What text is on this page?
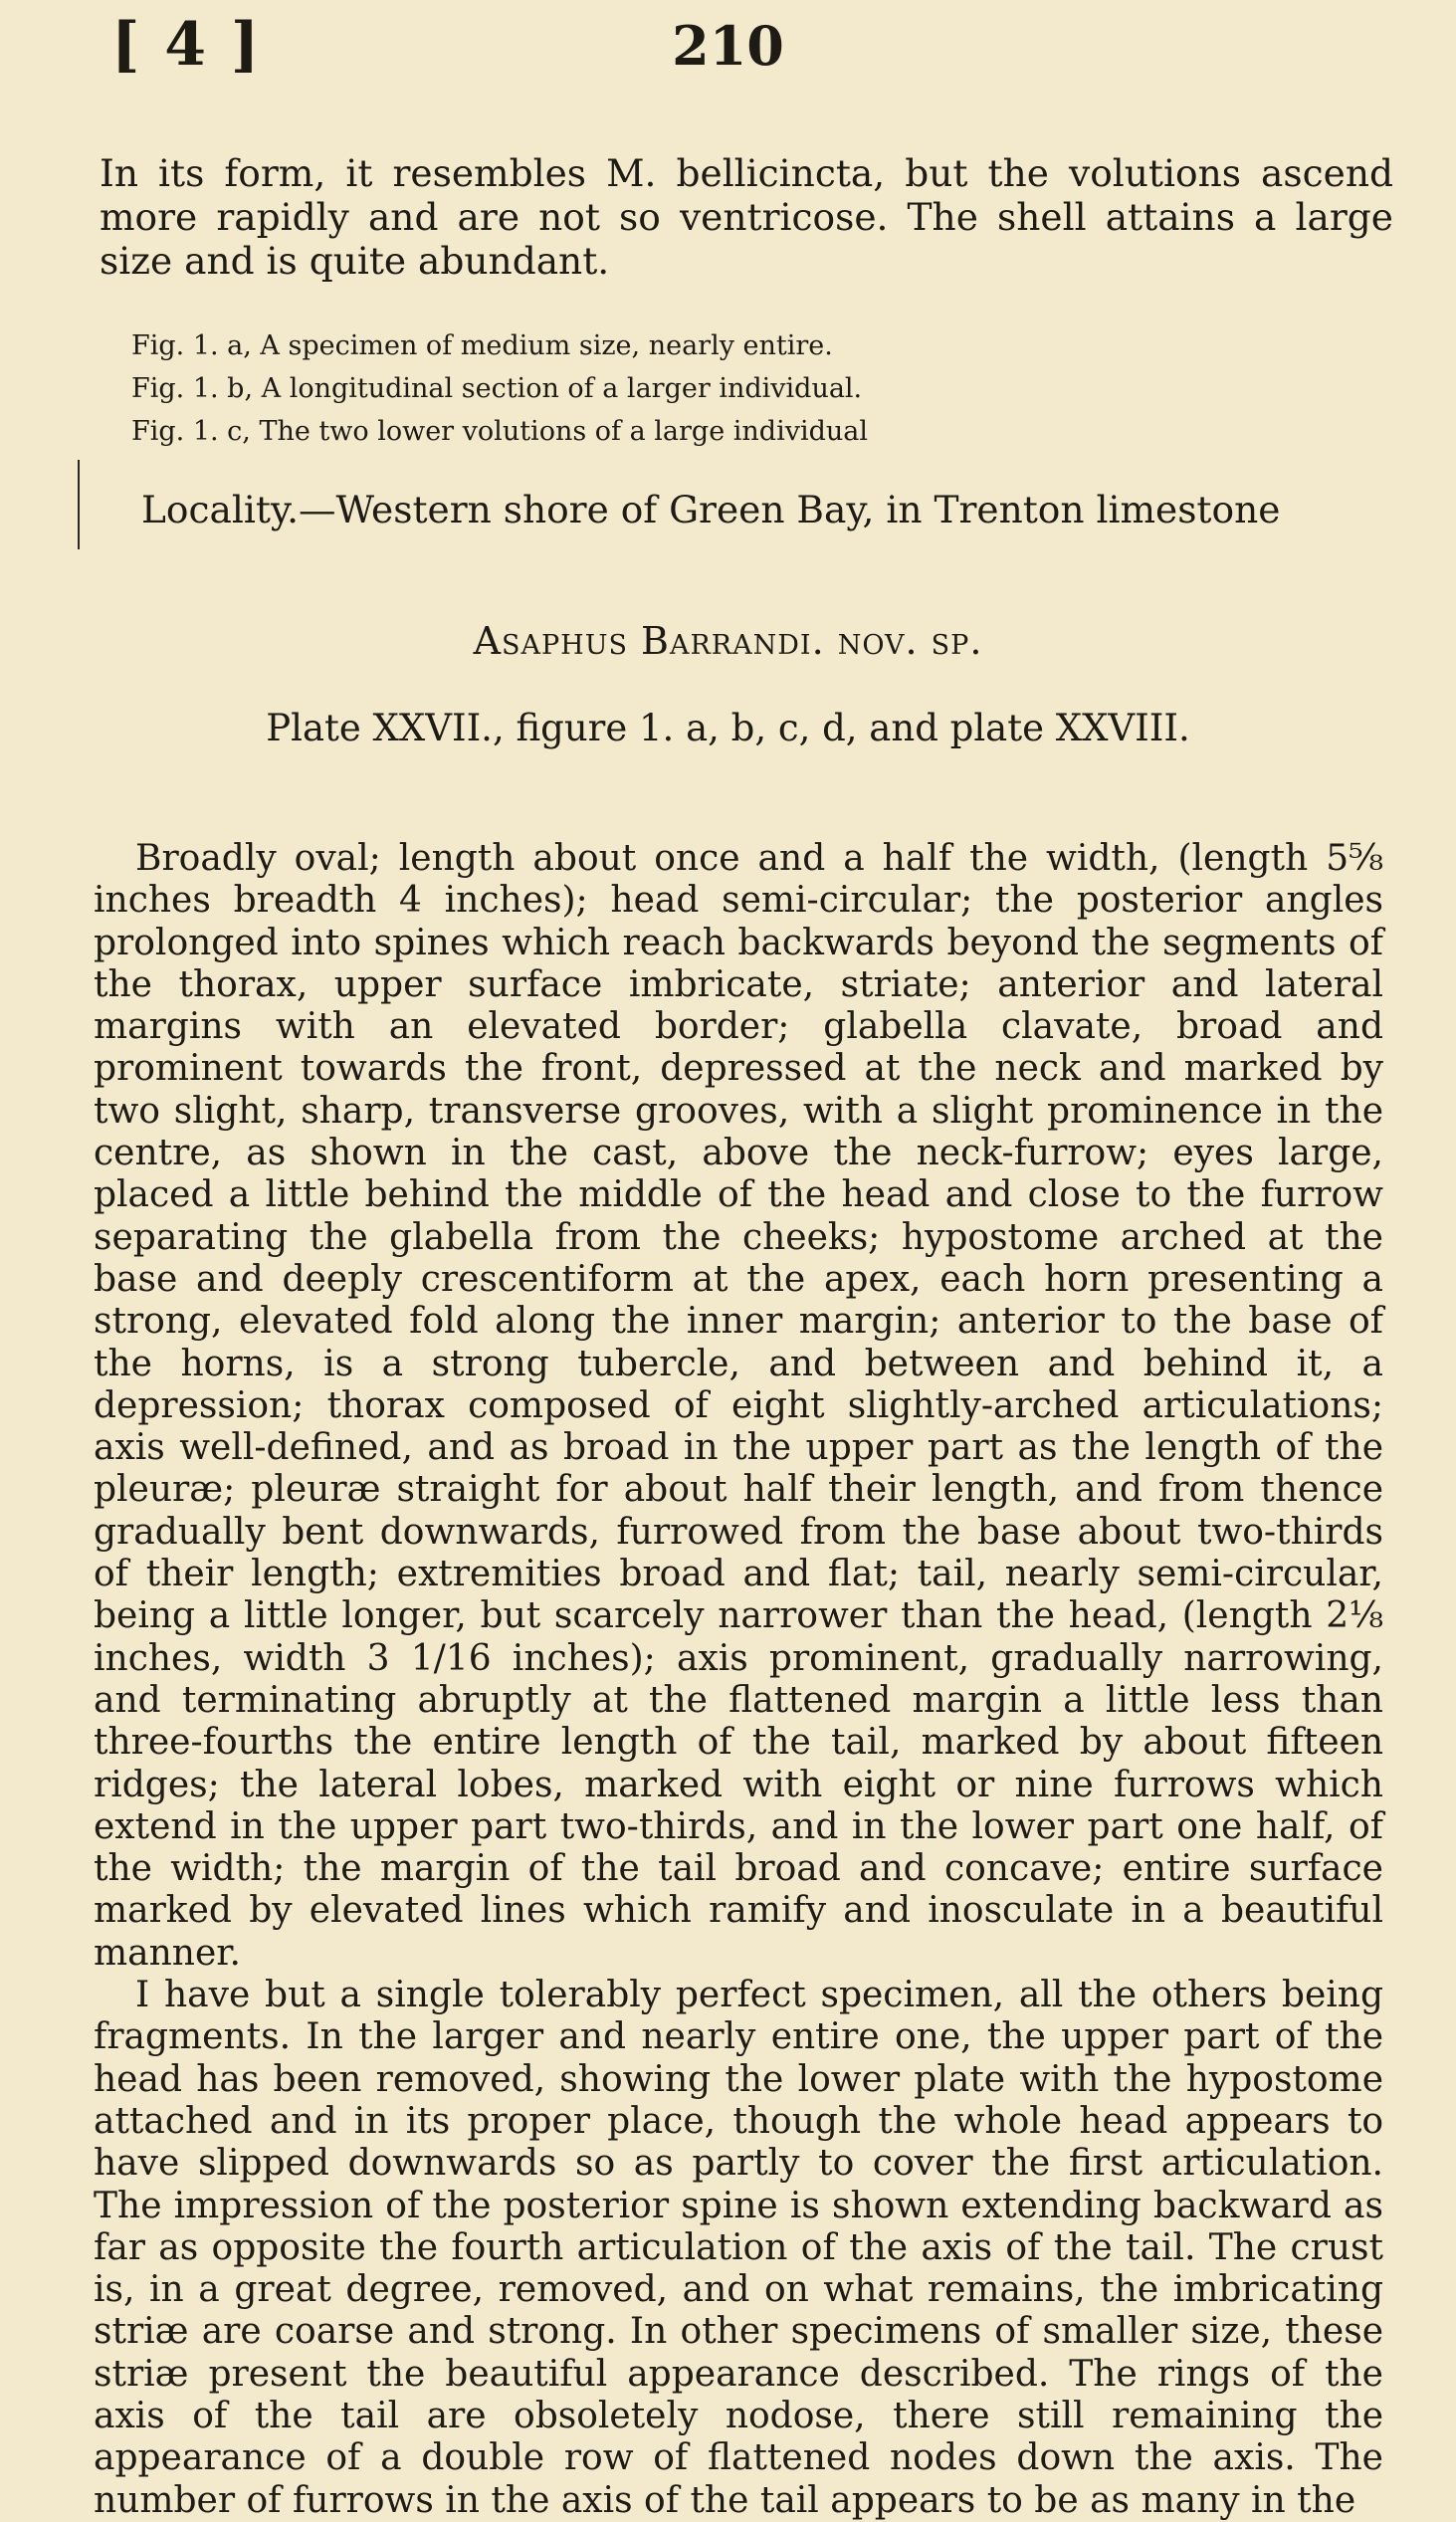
[ 4 ]	210

In its form, it resembles M. bellicincta, but the volutions ascend more rapidly and are not so ventricose. The shell attains a large size and is quite abundant.

Fig. 1. a, A specimen of medium size, nearly entire.
Fig. 1. b, A longitudinal section of a larger individual.
Fig. 1. c, The two lower volutions of a large individual
Locality.—Western shore of Green Bay, in Trenton limestone
Asaphus Barrandi. nov. sp.
Plate XXVII., figure 1. a, b, c, d, and plate XXVIII.

Broadly oval; length about once and a half the width, (length 5⅝ inches breadth 4 inches); head semi-circular; the posterior angles prolonged into spines which reach backwards beyond the segments of the thorax, upper surface imbricate, striate; anterior and lateral margins with an elevated border; glabella clavate, broad and prominent towards the front, depressed at the neck and marked by two slight, sharp, transverse grooves, with a slight prominence in the centre, as shown in the cast, above the neck-furrow; eyes large, placed a little behind the middle of the head and close to the furrow separating the glabella from the cheeks; hypostome arched at the base and deeply crescentiform at the apex, each horn presenting a strong, elevated fold along the inner margin; anterior to the base of the horns, is a strong tubercle, and between and behind it, a depression; thorax composed of eight slightly-arched articulations; axis well-defined, and as broad in the upper part as the length of the pleuræ; pleuræ straight for about half their length, and from thence gradually bent downwards, furrowed from the base about two-thirds of their length; extremities broad and flat; tail, nearly semi-circular, being a little longer, but scarcely narrower than the head, (length 2⅛ inches, width 3 1/16 inches); axis prominent, gradually narrowing, and terminating abruptly at the flattened margin a little less than three-fourths the entire length of the tail, marked by about fifteen ridges; the lateral lobes, marked with eight or nine furrows which extend in the upper part two-thirds, and in the lower part one half, of the width; the margin of the tail broad and concave; entire surface marked by elevated lines which ramify and inosculate in a beautiful manner.

I have but a single tolerably perfect specimen, all the others being fragments. In the larger and nearly entire one, the upper part of the head has been removed, showing the lower plate with the hypostome attached and in its proper place, though the whole head appears to have slipped downwards so as partly to cover the first articulation. The impression of the posterior spine is shown extending backward as far as opposite the fourth articulation of the axis of the tail. The crust is, in a great degree, removed, and on what remains, the imbricating striæ are coarse and strong. In other specimens of smaller size, these striæ present the beautiful appearance described. The rings of the axis of the tail are obsoletely nodose, there still remaining the appearance of a double row of flattened nodes down the axis. The number of furrows in the axis of the tail appears to be as many in the
